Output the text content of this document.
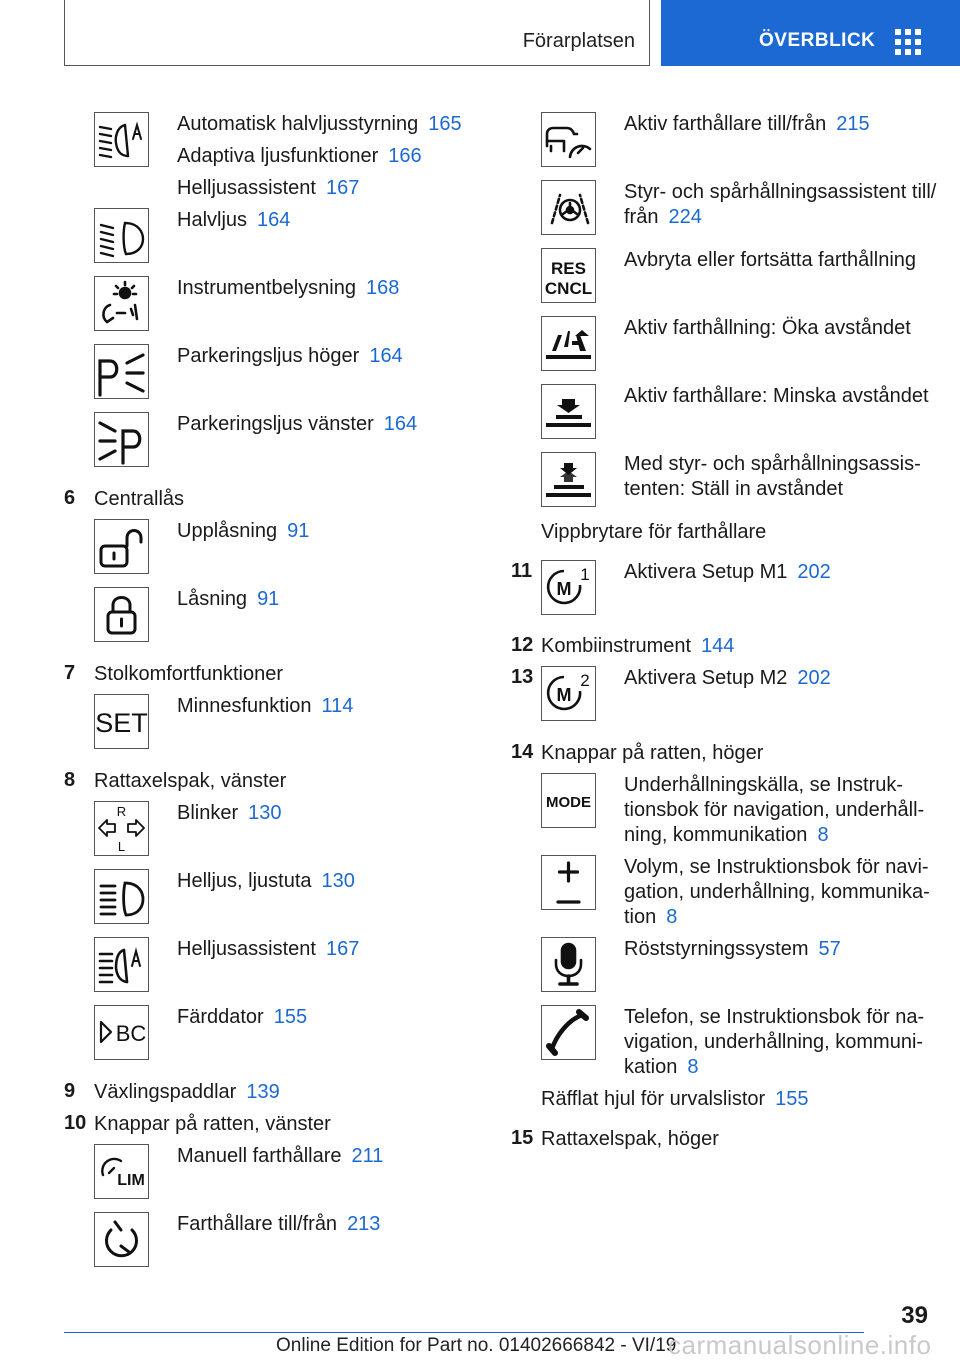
Förarplatsen	ÖVERBLICK
Automatisk halvljusstyrning 165
Adaptiva ljusfunktioner 166
Helljusassistent 167
Halvljus 164
Instrumentbelysning 168
Parkeringsljus höger 164
Parkeringsljus vänster 164
6 Centrallås
Upplåsning 91
Låsning 91
7 Stolkomfortfunktioner
SET
Minnesfunktion 114
8 Rattaxelspak, vänster
R
L
Blinker 130
Helljus, ljustuta 130
Helljusassistent 167
BC
Färddator 155
9 Växlingspaddlar 139
10 Knappar på ratten, vänster
LIM
Manuell farthållare 211
Farthållare till/från 213
Aktiv farthållare till/från 215
Styr- och spårhållningsassistent till/
från 224
RES
CNCL
Avbryta eller fortsätta farthållning
Aktiv farthållning: Öka avståndet
Aktiv farthållare: Minska avståndet
Med styr- och spårhållningsassis-
tenten: Ställ in avståndet
Vippbrytare för farthållare
11
M
1 Aktivera Setup M1 202
12 Kombiinstrument 144
13
M
2 Aktivera Setup M2 202
14 Knappar på ratten, höger
MODE
Underhållningskälla, se Instruk-
tionsbok för navigation, underhåll-
ning, kommunikation 8
Volym, se Instruktionsbok för navi-
gation, underhållning, kommunika-
tion 8
Röststyrningssystem 57
Telefon, se Instruktionsbok för na-
vigation, underhållning, kommuni-
kation 8
Räfflat hjul för urvalslistor 155
15 Rattaxelspak, höger
39
Online Edition for Part no. 01402666842 - VI/19
carmanualsonline.info
